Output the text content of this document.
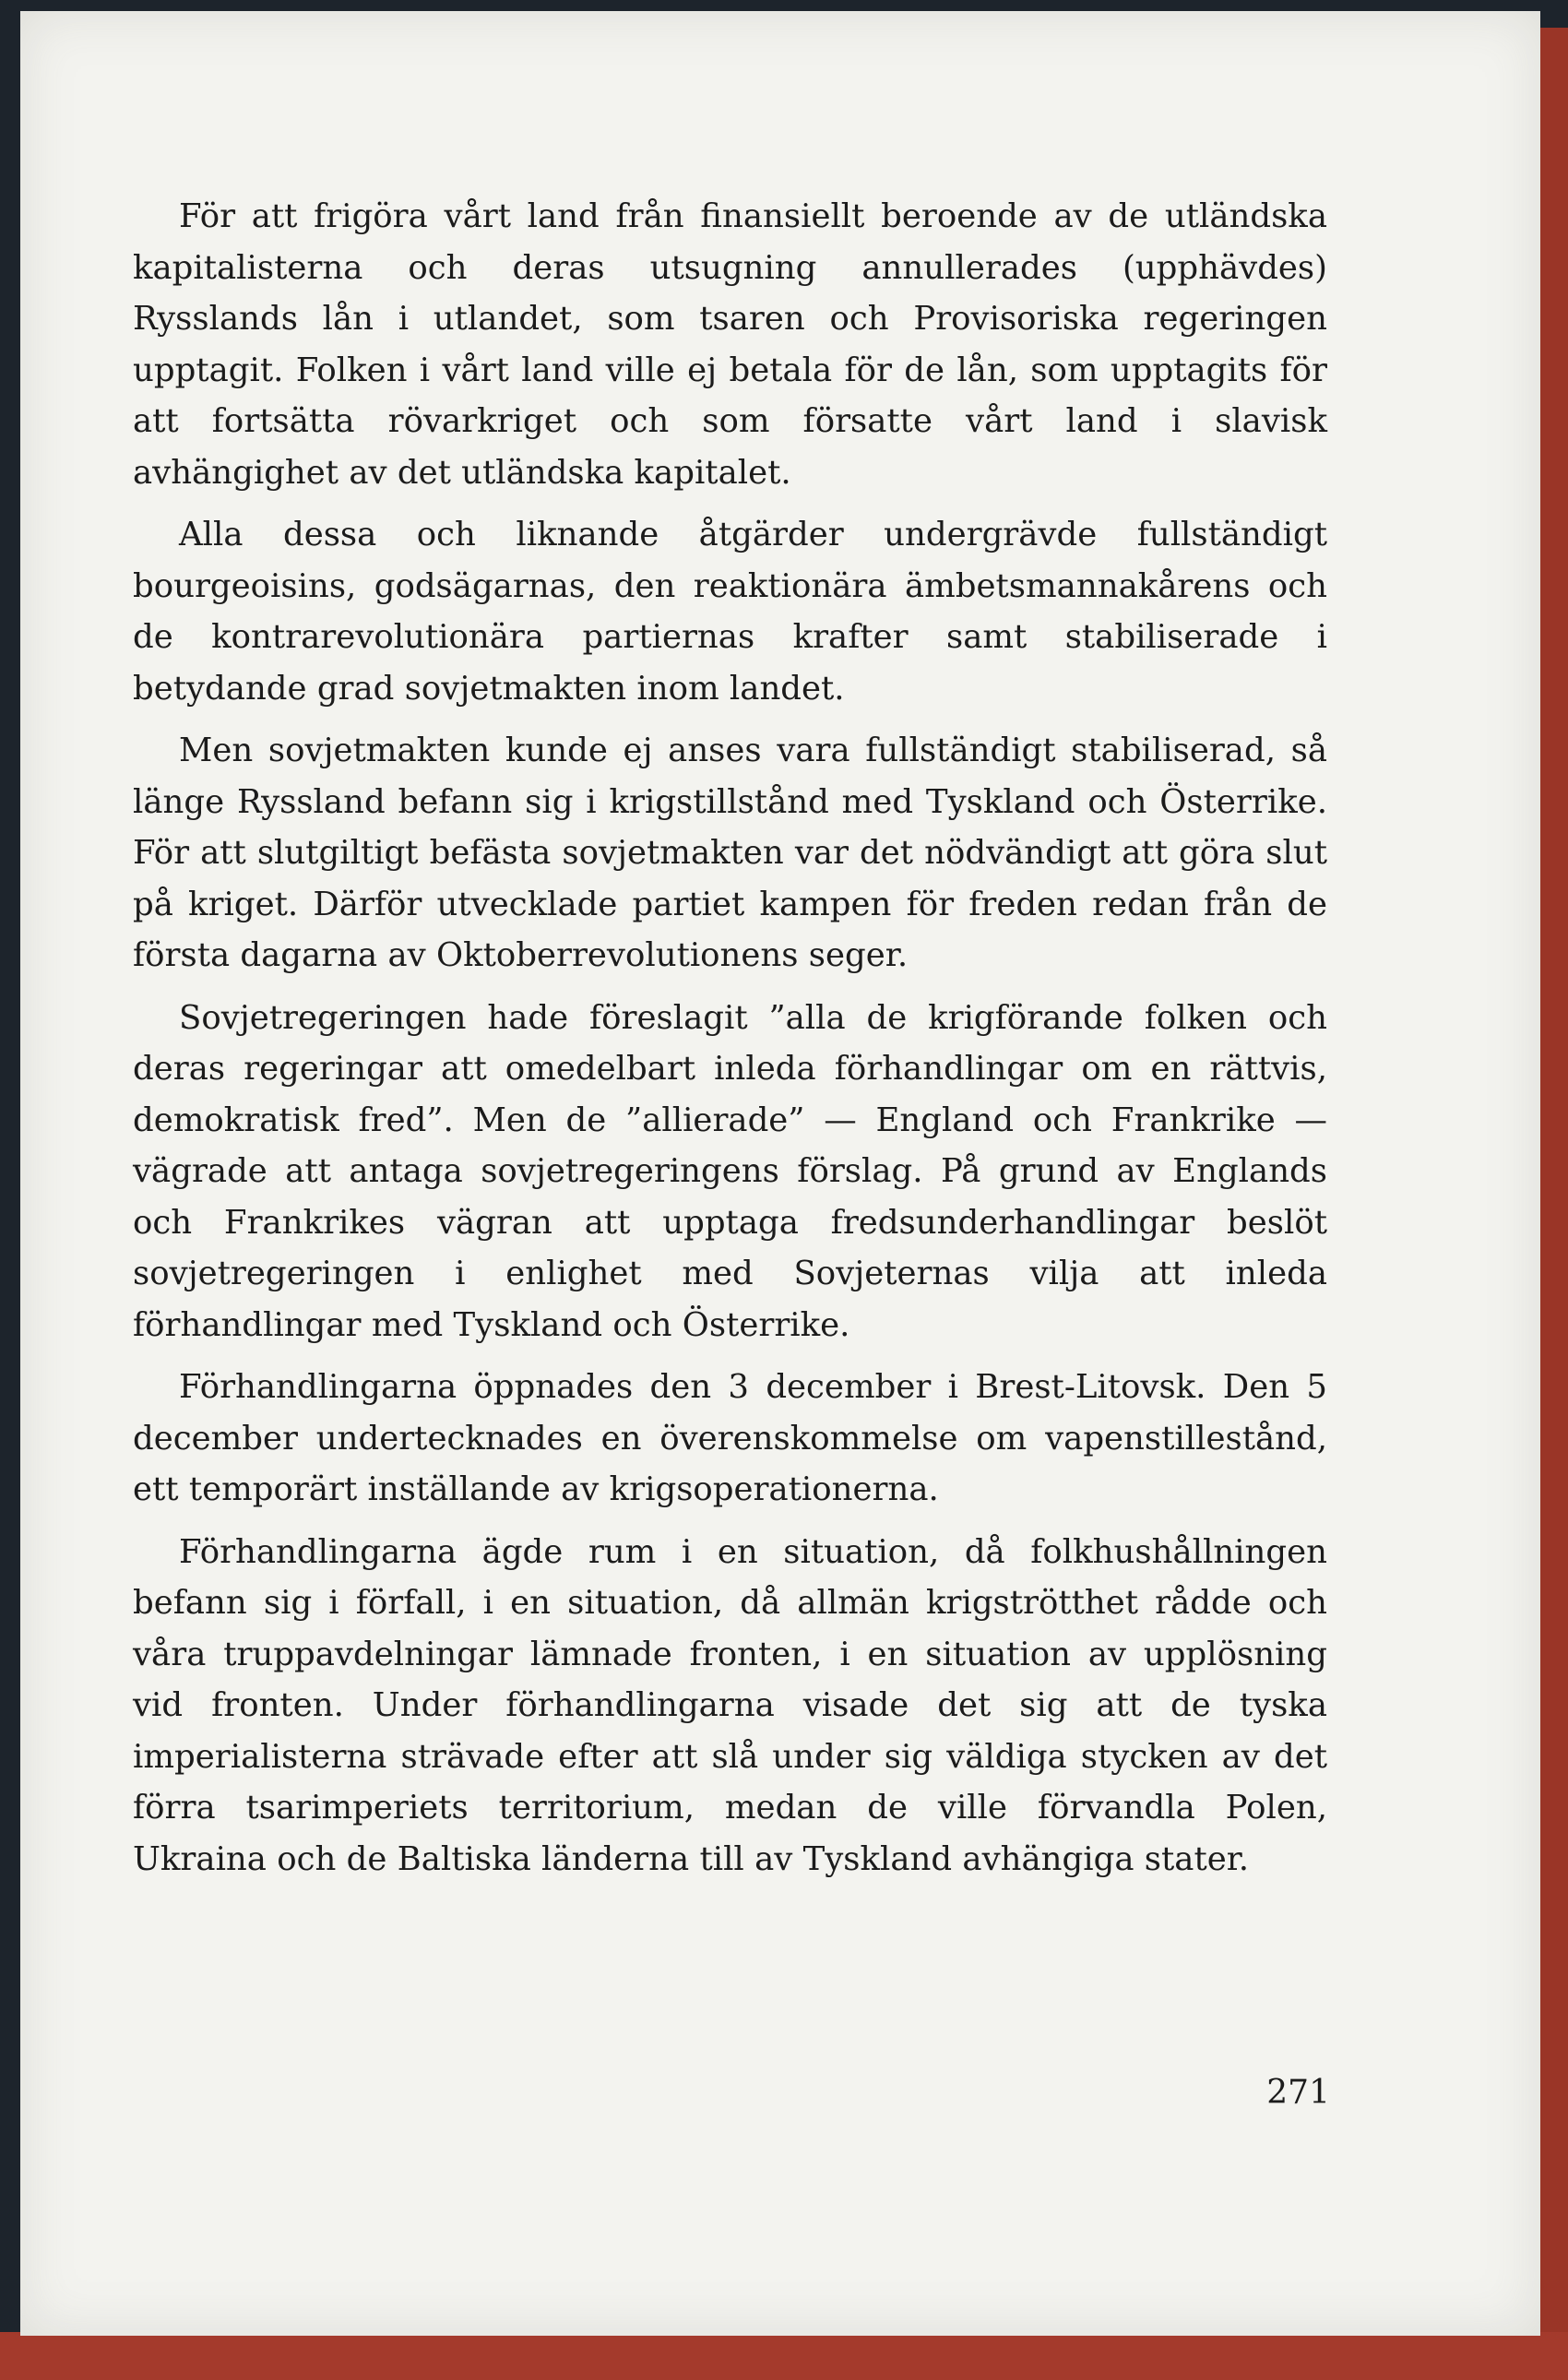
För att frigöra vårt land från finansiellt beroende av de utländska kapitalisterna och deras utsugning annullerades (upphävdes) Rysslands lån i utlandet, som tsaren och Provisoriska regeringen upptagit. Folken i vårt land ville ej betala för de lån, som upptagits för att fortsätta rövarkriget och som försatte vårt land i slavisk avhängighet av det utländska kapitalet.

Alla dessa och liknande åtgärder undergrävde fullständigt bourgeoisins, godsägarnas, den reaktionära ämbetsmannakårens och de kontrarevolutionära partiernas krafter samt stabiliserade i betydande grad sovjetmakten inom landet.

Men sovjetmakten kunde ej anses vara fullständigt stabiliserad, så länge Ryssland befann sig i krigstillstånd med Tyskland och Österrike. För att slutgiltigt befästa sovjetmakten var det nödvändigt att göra slut på kriget. Därför utvecklade partiet kampen för freden redan från de första dagarna av Oktoberrevolutionens seger.

Sovjetregeringen hade föreslagit ”alla de krigförande folken och deras regeringar att omedelbart inleda förhandlingar om en rättvis, demokratisk fred”. Men de ”allierade” — England och Frankrike — vägrade att antaga sovjetregeringens förslag. På grund av Englands och Frankrikes vägran att upptaga fredsunderhandlingar beslöt sovjetregeringen i enlighet med Sovjeternas vilja att inleda förhandlingar med Tyskland och Österrike.

Förhandlingarna öppnades den 3 december i Brest-Litovsk. Den 5 december undertecknades en överenskommelse om vapenstillestånd, ett temporärt inställande av krigsoperationerna.

Förhandlingarna ägde rum i en situation, då folkhushållningen befann sig i förfall, i en situation, då allmän krigströtthet rådde och våra truppavdelningar lämnade fronten, i en situation av upplösning vid fronten. Under förhandlingarna visade det sig att de tyska imperialisterna strävade efter att slå under sig väldiga stycken av det förra tsarimperiets territorium, medan de ville förvandla Polen, Ukraina och de Baltiska länderna till av Tyskland avhängiga stater.

271
